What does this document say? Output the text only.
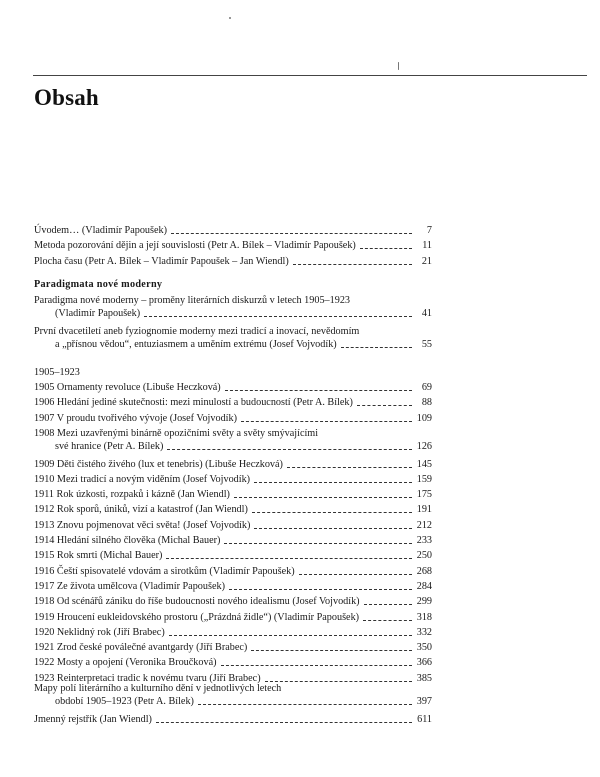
Obsah
Úvodem… (Vladimír Papoušek)	7
Metoda pozorování dějin a její souvislosti (Petr A. Bílek – Vladimír Papoušek)	11
Plocha času (Petr A. Bílek – Vladimír Papoušek – Jan Wiendl)	21
Paradigma nové moderny – proměny literárních diskurzů v letech 1905–1923
(Vladimír Papoušek)	41
První dvacetiletí aneb fyziognomie moderny mezi tradicí a inovací, nevědomím
a „přísnou vědou“, entuziasmem a uměním extrému (Josef Vojvodík)	55
1905 Ornamenty revoluce (Libuše Heczková)	69
1906 Hledání jediné skutečnosti: mezi minulostí a budoucností (Petr A. Bílek)	88
1907 V proudu tvořivého vývoje (Josef Vojvodík)	109
1908 Mezi uzavřenými binárně opozičními světy a světy smývajícími
své hranice (Petr A. Bílek)	126
1909 Děti čistého živého (lux et tenebris) (Libuše Heczková)	145
1910 Mezi tradicí a novým viděním (Josef Vojvodík)	159
1911 Rok úzkosti, rozpaků i kázně (Jan Wiendl)	175
1912 Rok sporů, úniků, vizí a katastrof (Jan Wiendl)	191
1913 Znovu pojmenovat věci světa! (Josef Vojvodík)	212
1914 Hledání silného člověka (Michal Bauer)	233
1915 Rok smrti (Michal Bauer)	250
1916 Čeští spisovatelé vdovám a sirotkům (Vladimír Papoušek)	268
1917 Ze života umělcova (Vladimír Papoušek)	284
1918 Od scénářů zániku do říše budoucnosti nového idealismu (Josef Vojvodík)	299
1919 Hroucení eukleidovského prostoru („Prázdná židle“) (Vladimír Papoušek)	318
1920 Neklidný rok (Jiří Brabec)	332
1921 Zrod české poválečné avantgardy (Jiří Brabec)	350
1922 Mosty a opojení (Veronika Broučková)	366
1923 Reinterpretaci tradic k novému tvaru (Jiří Brabec)	385
Mapy polí literárního a kulturního dění v jednotlivých letech
období 1905–1923 (Petr A. Bílek)	397
Jmenný rejstřík (Jan Wiendl)	611
Paradigmata nové moderny
1905–1923
